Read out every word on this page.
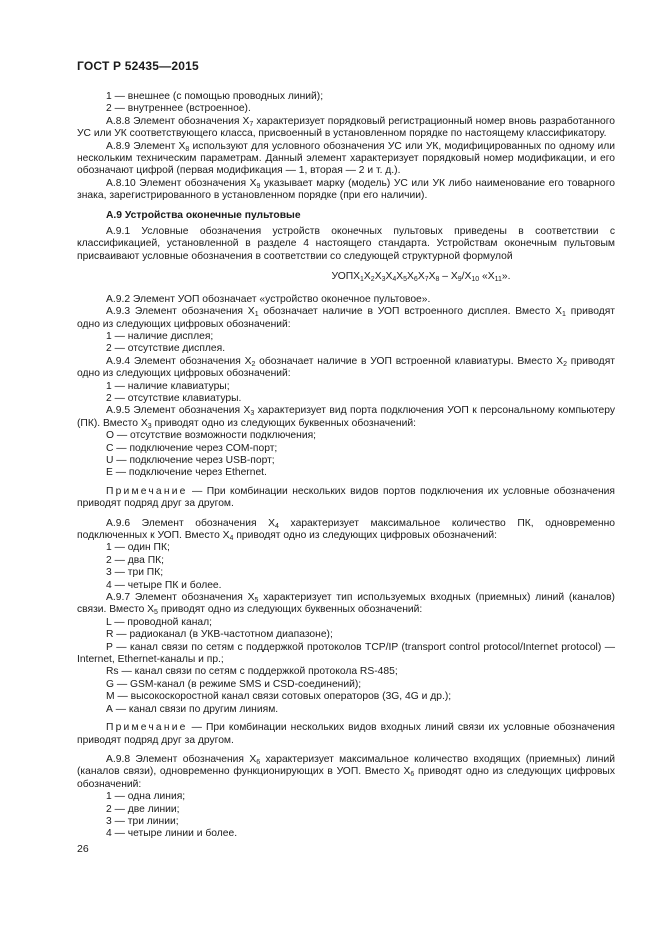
ГОСТ Р 52435—2015

1 — внешнее (с помощью проводных линий);

2 — внутреннее (встроенное).

А.8.8 Элемент обозначения $Х_7$ характеризует порядковый регистрационный номер вновь разработанного УС или УК соответствующего класса, присвоенный в установленном порядке по настоящему классификатору.

А.8.9 Элемент $Х_8$ используют для условного обозначения УС или УК, модифицированных по одному или нескольким техническим параметрам. Данный элемент характеризует порядковый номер модификации, и его обозначают цифрой (первая модификация — 1, вторая — 2 и т. д.).

А.8.10 Элемент обозначения $Х_9$ указывает марку (модель) УС или УК либо наименование его товарного знака, зарегистрированного в установленном порядке (при его наличии).

А.9 Устройства оконечные пультовые

А.9.1 Условные обозначения устройств оконечных пультовых приведены в соответствии с классификацией, установленной в разделе 4 настоящего стандарта. Устройствам оконечным пультовым присваивают условные обозначения в соответствии со следующей структурной формулой

$УОПХ_1Х_2Х_3Х_4Х_5Х_6Х_7Х_8 - Х_9/Х_{10}$ «$Х_{11}$».

А.9.2 Элемент УОП обозначает «устройство оконечное пультовое».

А.9.3 Элемент обозначения $Х_1$ обозначает наличие в УОП встроенного дисплея. Вместо $Х_1$ приводят одно из следующих цифровых обозначений:

1 — наличие дисплея;

2 — отсутствие дисплея.

А.9.4 Элемент обозначения $Х_2$ обозначает наличие в УОП встроенной клавиатуры. Вместо $Х_2$ приводят одно из следующих цифровых обозначений:

1 — наличие клавиатуры;

2 — отсутствие клавиатуры.

А.9.5 Элемент обозначения $Х_3$ характеризует вид порта подключения УОП к персональному компьютеру (ПК). Вместо $Х_3$ приводят одно из следующих буквенных обозначений:

О — отсутствие возможности подключения;

С — подключение через СОМ-порт;

U — подключение через USB-порт;

Е — подключение через Ethernet.

Примечание — При комбинации нескольких видов портов подключения их условные обозначения приводят подряд друг за другом.

А.9.6 Элемент обозначения $Х_4$ характеризует максимальное количество ПК, одновременно подключенных к УОП. Вместо $Х_4$ приводят одно из следующих цифровых обозначений:

1 — один ПК;

2 — два ПК;

3 — три ПК;

4 — четыре ПК и более.

А.9.7 Элемент обозначения $Х_5$ характеризует тип используемых входных (приемных) линий (каналов) связи. Вместо $Х_5$ приводят одно из следующих буквенных обозначений:

L — проводной канал;

R — радиоканал (в УКВ-частотном диапазоне);

Р — канал связи по сетям с поддержкой протоколов TCP/IP (transport control protocol/Internet protocol) — Internet, Ethernet-каналы и пр.;

Rs — канал связи по сетям с поддержкой протокола RS-485;

G — GSM-канал (в режиме SMS и CSD-соединений);

М — высокоскоростной канал связи сотовых операторов (3G, 4G и др.);

А — канал связи по другим линиям.

Примечание — При комбинации нескольких видов входных линий связи их условные обозначения приводят подряд друг за другом.

А.9.8 Элемент обозначения $Х_6$ характеризует максимальное количество входящих (приемных) линий (каналов связи), одновременно функционирующих в УОП. Вместо $Х_6$ приводят одно из следующих цифровых обозначений:

1 — одна линия;

2 — две линии;

3 — три линии;

4 — четыре линии и более.

26
